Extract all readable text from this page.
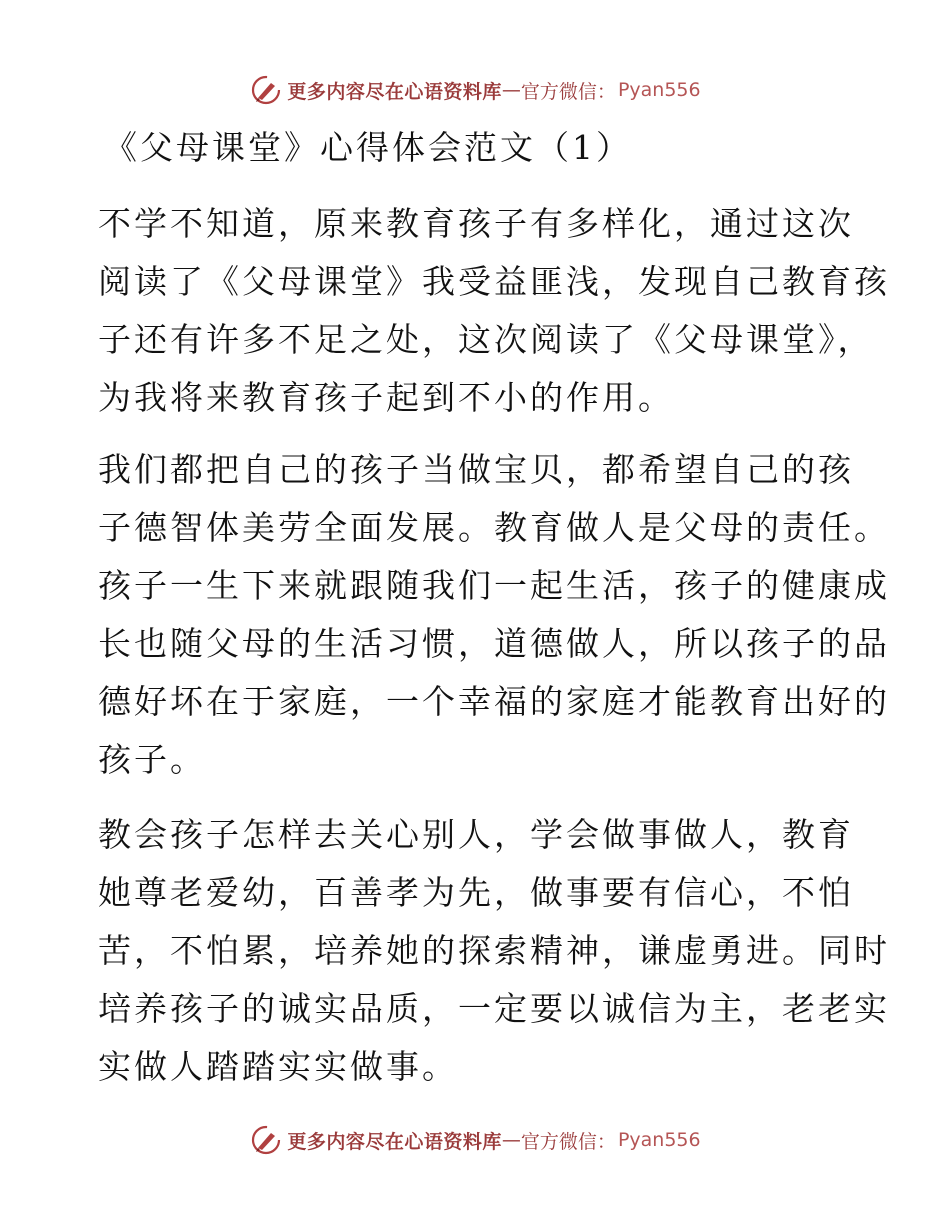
更多内容尽在心语资料库 — 官方微信： Pyan556
《父母课堂》心得体会范文（1）

不学不知道，原来教育孩子有多样化，通过这次
阅读了《父母课堂》我受益匪浅，发现自己教育孩
子还有许多不足之处，这次阅读了《父母课堂》，
为我将来教育孩子起到不小的作用。

我们都把自己的孩子当做宝贝，都希望自己的孩
子德智体美劳全面发展。教育做人是父母的责任。
孩子一生下来就跟随我们一起生活，孩子的健康成
长也随父母的生活习惯，道德做人，所以孩子的品
德好坏在于家庭，一个幸福的家庭才能教育出好的
孩子。

教会孩子怎样去关心别人，学会做事做人，教育
她尊老爱幼，百善孝为先，做事要有信心，不怕
苦，不怕累，培养她的探索精神，谦虚勇进。同时
培养孩子的诚实品质，一定要以诚信为主，老老实
实做人踏踏实实做事。

更多内容尽在心语资料库 — 官方微信： Pyan556
